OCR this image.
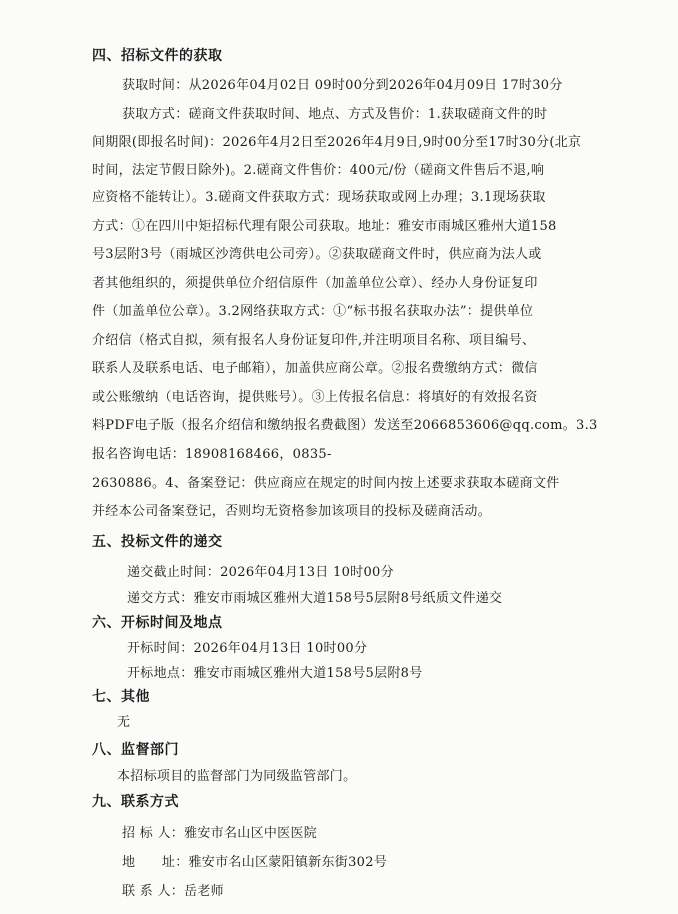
四、招标文件的获取
获取时间：从2026年04月02日 09时00分到2026年04月09日 17时30分
获取方式：磋商文件获取时间、地点、方式及售价：1.获取磋商文件的时
间期限(即报名时间)：2026年4月2日至2026年4月9日,9时00分至17时30分(北京
时间，法定节假日除外)。2.磋商文件售价：400元/份（磋商文件售后不退,响
应资格不能转让）。3.磋商文件获取方式：现场获取或网上办理；3.1现场获取
方式：①在四川中矩招标代理有限公司获取。地址：雅安市雨城区雅州大道158
号3层附3号（雨城区沙湾供电公司旁）。②获取磋商文件时，供应商为法人或
者其他组织的，须提供单位介绍信原件（加盖单位公章）、经办人身份证复印
件（加盖单位公章）。3.2网络获取方式：①“标书报名获取办法”：提供单位
介绍信（格式自拟，须有报名人身份证复印件,并注明项目名称、项目编号、
联系人及联系电话、电子邮箱），加盖供应商公章。②报名费缴纳方式：微信
或公账缴纳（电话咨询，提供账号）。③上传报名信息：将填好的有效报名资
料PDF电子版（报名介绍信和缴纳报名费截图）发送至2066853606@qq.com。3.3
报名咨询电话：18908168466，0835-
2630886。4、备案登记：供应商应在规定的时间内按上述要求获取本磋商文件
并经本公司备案登记，否则均无资格参加该项目的投标及磋商活动。
五、投标文件的递交
递交截止时间：2026年04月13日 10时00分
递交方式：雅安市雨城区雅州大道158号5层附8号纸质文件递交
六、开标时间及地点
开标时间：2026年04月13日 10时00分
开标地点：雅安市雨城区雅州大道158号5层附8号
七、其他
无
八、监督部门
本招标项目的监督部门为同级监管部门。
九、联系方式
招 标 人：雅安市名山区中医医院
地　　址：雅安市名山区蒙阳镇新东街302号
联 系 人：岳老师
